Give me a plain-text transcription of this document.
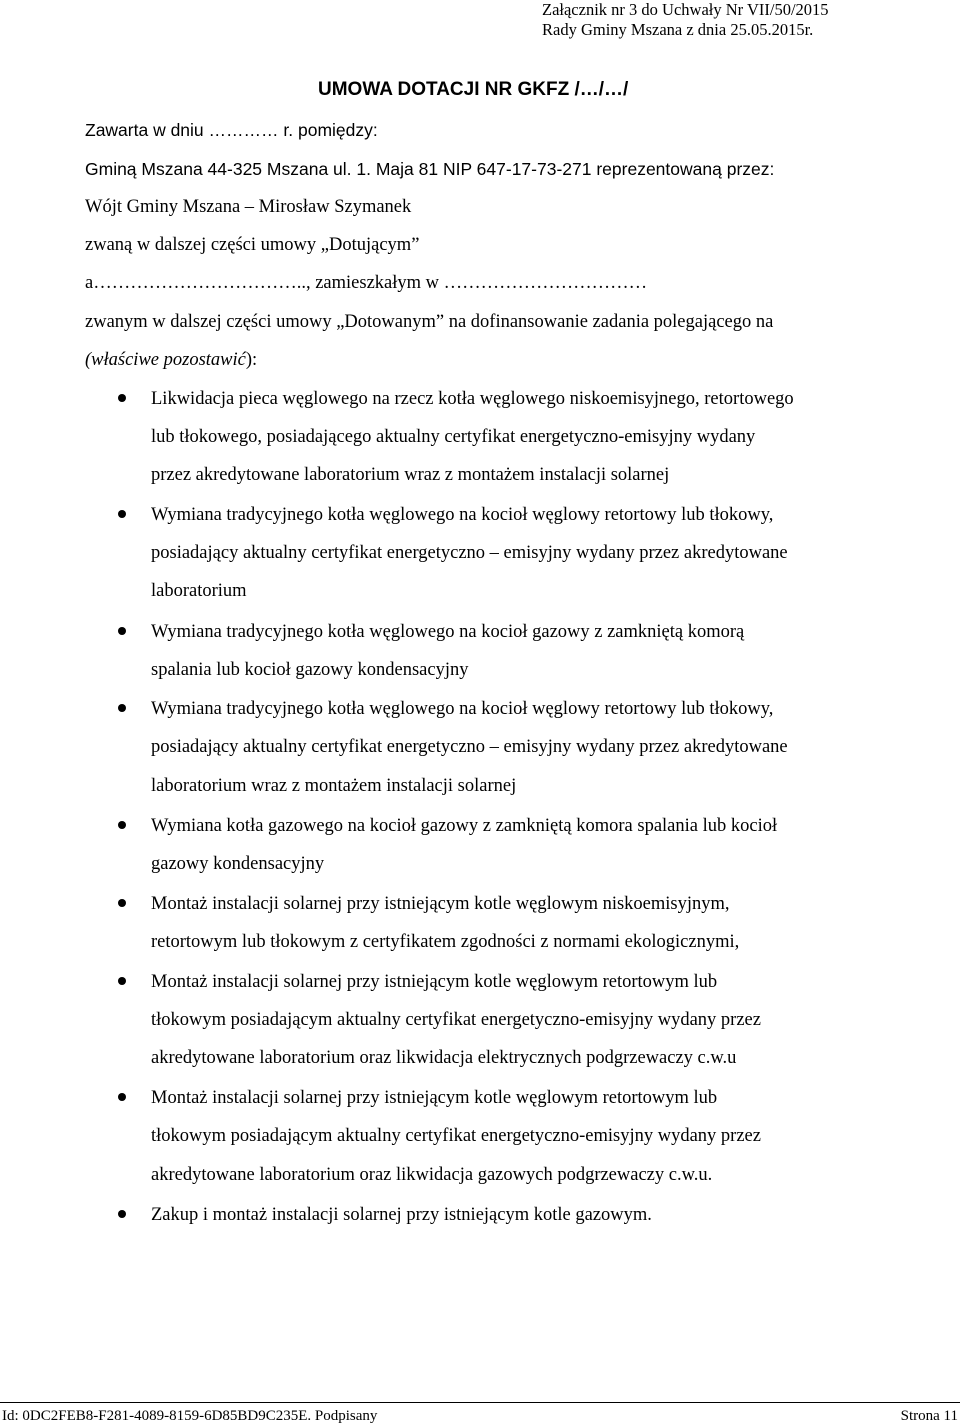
Załącznik nr 3 do Uchwały Nr VII/50/2015
Rady Gminy Mszana z dnia 25.05.2015r.
UMOWA DOTACJI NR GKFZ /…/…/
Zawarta w dniu ………… r. pomiędzy:
Gminą Mszana 44-325 Mszana ul. 1. Maja 81 NIP 647-17-73-271 reprezentowaną przez:
Wójt Gminy Mszana – Mirosław Szymanek
zwaną w dalszej części umowy „Dotującym”
a…………………………….., zamieszkałym w ……………………………
zwanym w dalszej części umowy „Dotowanym” na dofinansowanie zadania polegającego na
(właściwe pozostawić):
Likwidacja pieca węglowego na rzecz kotła węglowego niskoemisyjnego, retortowego
lub tłokowego, posiadającego aktualny certyfikat energetyczno-emisyjny wydany
przez akredytowane laboratorium wraz z montażem instalacji solarnej
Wymiana tradycyjnego kotła węglowego na kocioł węglowy retortowy lub tłokowy,
posiadający aktualny certyfikat energetyczno – emisyjny wydany przez akredytowane
laboratorium
Wymiana tradycyjnego kotła węglowego na kocioł gazowy z zamkniętą komorą
spalania lub kocioł gazowy kondensacyjny
Wymiana tradycyjnego kotła węglowego na kocioł węglowy retortowy lub tłokowy,
posiadający aktualny certyfikat energetyczno – emisyjny wydany przez akredytowane
laboratorium wraz z montażem instalacji solarnej
Wymiana kotła gazowego na kocioł gazowy z zamkniętą komora spalania lub kocioł
gazowy kondensacyjny
Montaż instalacji solarnej przy istniejącym kotle węglowym niskoemisyjnym,
retortowym lub tłokowym z certyfikatem zgodności z normami ekologicznymi,
Montaż instalacji solarnej przy istniejącym kotle węglowym retortowym lub
tłokowym posiadającym aktualny certyfikat energetyczno-emisyjny wydany przez
akredytowane laboratorium oraz likwidacja elektrycznych podgrzewaczy c.w.u
Montaż instalacji solarnej przy istniejącym kotle węglowym retortowym lub
tłokowym posiadającym aktualny certyfikat energetyczno-emisyjny wydany przez
akredytowane laboratorium oraz likwidacja gazowych podgrzewaczy c.w.u.
Zakup i montaż instalacji solarnej przy istniejącym kotle gazowym.
Id: 0DC2FEB8-F281-4089-8159-6D85BD9C235E. Podpisany	Strona 11
